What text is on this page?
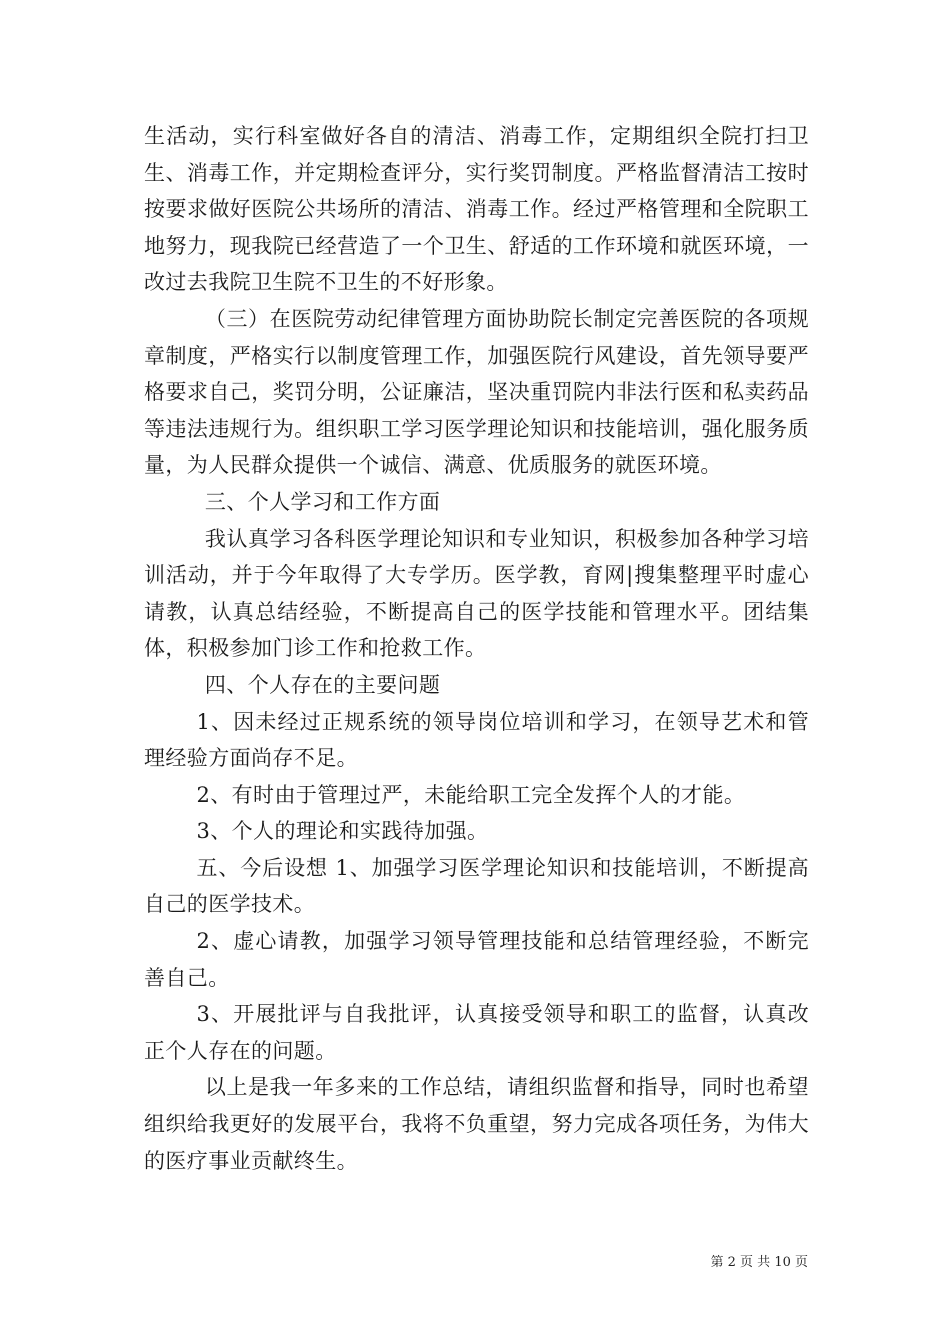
生活动，实行科室做好各自的清洁、消毒工作，定期组织全院打扫卫生、消毒工作，并定期检查评分，实行奖罚制度。严格监督清洁工按时按要求做好医院公共场所的清洁、消毒工作。经过严格管理和全院职工地努力，现我院已经营造了一个卫生、舒适的工作环境和就医环境，一改过去我院卫生院不卫生的不好形象。

（三）在医院劳动纪律管理方面协助院长制定完善医院的各项规章制度，严格实行以制度管理工作，加强医院行风建设，首先领导要严格要求自己，奖罚分明，公证廉洁，坚决重罚院内非法行医和私卖药品等违法违规行为。组织职工学习医学理论知识和技能培训，强化服务质量，为人民群众提供一个诚信、满意、优质服务的就医环境。

三、个人学习和工作方面

我认真学习各科医学理论知识和专业知识，积极参加各种学习培训活动，并于今年取得了大专学历。医学教，育网|搜集整理平时虚心请教，认真总结经验，不断提高自己的医学技能和管理水平。团结集体，积极参加门诊工作和抢救工作。

四、个人存在的主要问题

1、因未经过正规系统的领导岗位培训和学习，在领导艺术和管理经验方面尚存不足。

2、有时由于管理过严，未能给职工完全发挥个人的才能。

3、个人的理论和实践待加强。

五、今后设想 1、加强学习医学理论知识和技能培训，不断提高自己的医学技术。

2、虚心请教，加强学习领导管理技能和总结管理经验，不断完善自己。

3、开展批评与自我批评，认真接受领导和职工的监督，认真改正个人存在的问题。

以上是我一年多来的工作总结，请组织监督和指导，同时也希望组织给我更好的发展平台，我将不负重望，努力完成各项任务，为伟大的医疗事业贡献终生。

第 2 页 共 10 页
